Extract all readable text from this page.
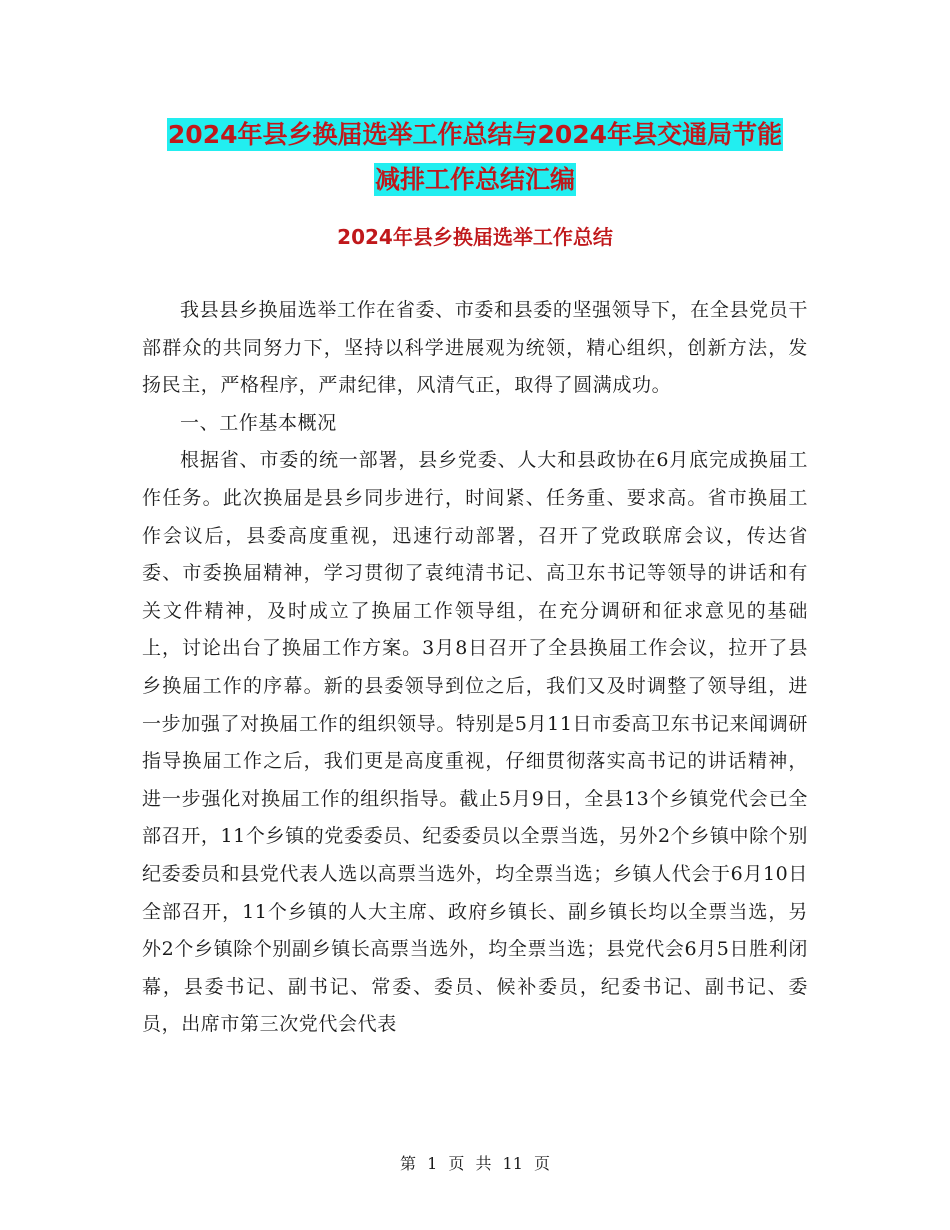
2024年县乡换届选举工作总结与2024年县交通局节能
减排工作总结汇编
2024年县乡换届选举工作总结

我县县乡换届选举工作在省委、市委和县委的坚强领导下，在全县党员干部群众的共同努力下，坚持以科学进展观为统领，精心组织，创新方法，发扬民主，严格程序，严肃纪律，风清气正，取得了圆满成功。

一、工作基本概况

根据省、市委的统一部署，县乡党委、人大和县政协在6月底完成换届工作任务。此次换届是县乡同步进行，时间紧、任务重、要求高。省市换届工作会议后，县委高度重视，迅速行动部署，召开了党政联席会议，传达省委、市委换届精神，学习贯彻了袁纯清书记、高卫东书记等领导的讲话和有关文件精神，及时成立了换届工作领导组，在充分调研和征求意见的基础上，讨论出台了换届工作方案。3月8日召开了全县换届工作会议，拉开了县乡换届工作的序幕。新的县委领导到位之后，我们又及时调整了领导组，进一步加强了对换届工作的组织领导。特别是5月11日市委高卫东书记来闻调研指导换届工作之后，我们更是高度重视，仔细贯彻落实高书记的讲话精神，进一步强化对换届工作的组织指导。截止5月9日，全县13个乡镇党代会已全部召开，11个乡镇的党委委员、纪委委员以全票当选，另外2个乡镇中除个别纪委委员和县党代表人选以高票当选外，均全票当选；乡镇人代会于6月10日全部召开，11个乡镇的人大主席、政府乡镇长、副乡镇长均以全票当选，另外2个乡镇除个别副乡镇长高票当选外，均全票当选；县党代会6月5日胜利闭幕，县委书记、副书记、常委、委员、候补委员，纪委书记、副书记、委员，出席市第三次党代会代表

第 1 页 共 11 页
